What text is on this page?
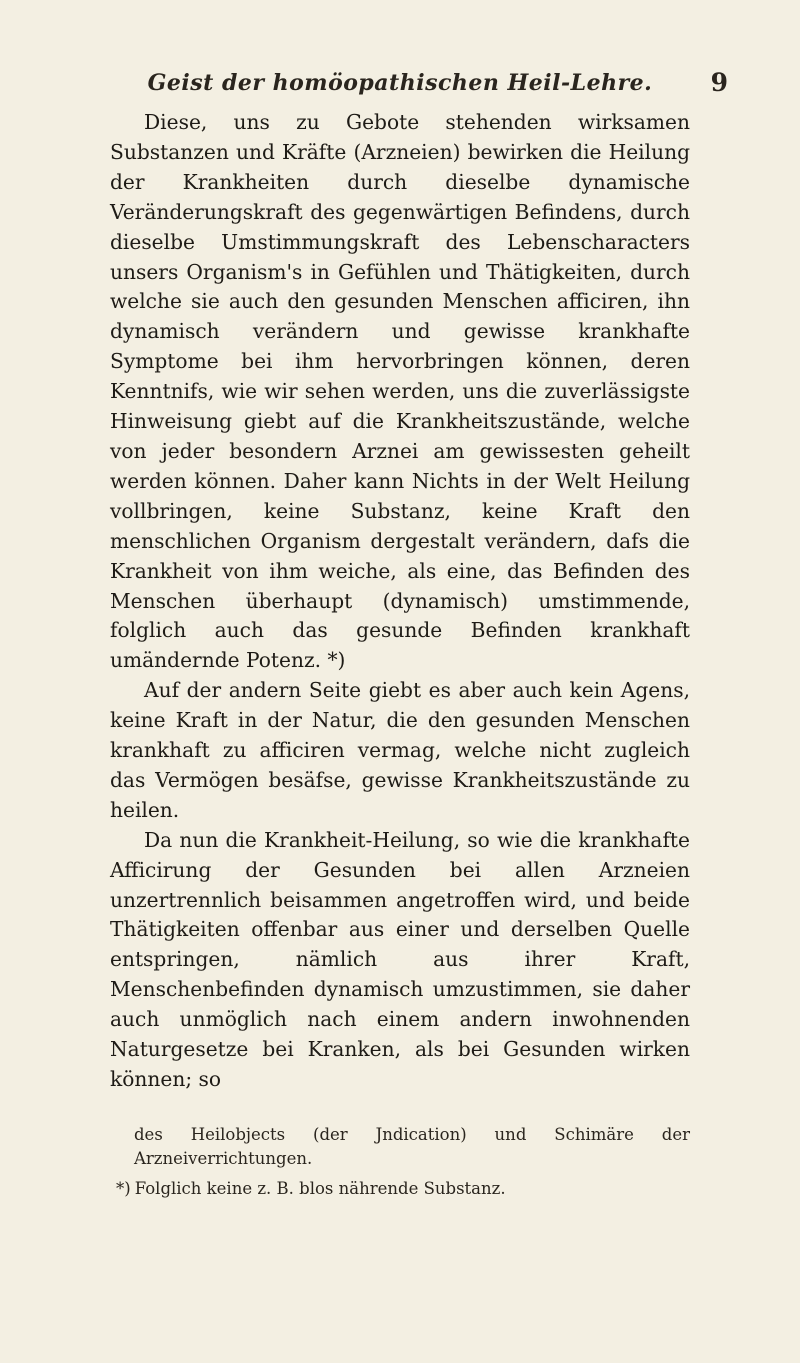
Geist der homöopathischen Heil-Lehre.	9

Diese, uns zu Gebote stehenden wirksamen Substanzen und Kräfte (Arzneien) bewirken die Heilung der Krankheiten durch dieselbe dynamische Veränderungskraft des gegenwärtigen Befindens, durch dieselbe Umstimmungskraft des Lebenscharacters unsers Organism's in Gefühlen und Thätigkeiten, durch welche sie auch den gesunden Menschen afficiren, ihn dynamisch verändern und gewisse krankhafte Symptome bei ihm hervorbringen können, deren Kenntnifs, wie wir sehen werden, uns die zuverlässigste Hinweisung giebt auf die Krankheitszustände, welche von jeder besondern Arznei am gewissesten geheilt werden können. Daher kann Nichts in der Welt Heilung vollbringen, keine Substanz, keine Kraft den menschlichen Organism dergestalt verändern, dafs die Krankheit von ihm weiche, als eine, das Befinden des Menschen überhaupt (dynamisch) umstimmende, folglich auch das gesunde Befinden krankhaft umändernde Potenz. *)

Auf der andern Seite giebt es aber auch kein Agens, keine Kraft in der Natur, die den gesunden Menschen krankhaft zu afficiren vermag, welche nicht zugleich das Vermögen besäfse, gewisse Krankheitszustände zu heilen.

Da nun die Krankheit-Heilung, so wie die krankhafte Afficirung der Gesunden bei allen Arzneien unzertrennlich beisammen angetroffen wird, und beide Thätigkeiten offenbar aus einer und derselben Quelle entspringen, nämlich aus ihrer Kraft, Menschenbefinden dynamisch umzustimmen, sie daher auch unmöglich nach einem andern inwohnenden Naturgesetze bei Kranken, als bei Gesunden wirken können; so

des Heilobjects (der Jndication) und Schimäre der Arzneiverrichtungen.
*) Folglich keine z. B. blos nährende Substanz.
